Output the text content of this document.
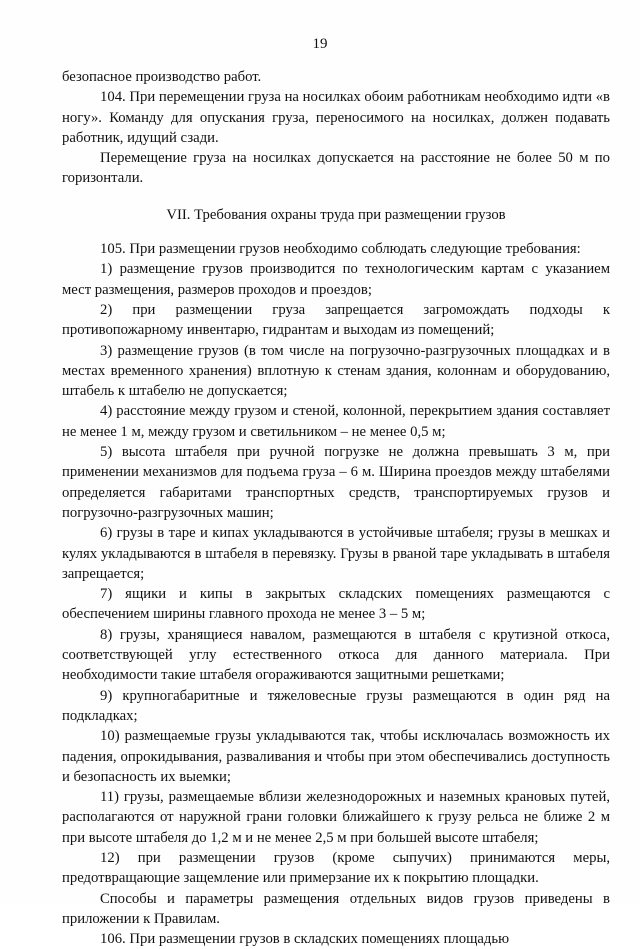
19

безопасное производство работ.

104. При перемещении груза на носилках обоим работникам необходимо идти «в ногу». Команду для опускания груза, переносимого на носилках, должен подавать работник, идущий сзади.

Перемещение груза на носилках допускается на расстояние не более 50 м по горизонтали.

VII. Требования охраны труда при размещении грузов

105. При размещении грузов необходимо соблюдать следующие требования:

1) размещение грузов производится по технологическим картам с указанием мест размещения, размеров проходов и проездов;

2) при размещении груза запрещается загромождать подходы к противопожарному инвентарю, гидрантам и выходам из помещений;

3) размещение грузов (в том числе на погрузочно-разгрузочных площадках и в местах временного хранения) вплотную к стенам здания, колоннам и оборудованию, штабель к штабелю не допускается;

4) расстояние между грузом и стеной, колонной, перекрытием здания составляет не менее 1 м, между грузом и светильником – не менее 0,5 м;

5) высота штабеля при ручной погрузке не должна превышать 3 м, при применении механизмов для подъема груза – 6 м. Ширина проездов между штабелями определяется габаритами транспортных средств, транспортируемых грузов и погрузочно-разгрузочных машин;

6) грузы в таре и кипах укладываются в устойчивые штабеля; грузы в мешках и кулях укладываются в штабеля в перевязку. Грузы в рваной таре укладывать в штабеля запрещается;

7) ящики и кипы в закрытых складских помещениях размещаются с обеспечением ширины главного прохода не менее 3 – 5 м;

8) грузы, хранящиеся навалом, размещаются в штабеля с крутизной откоса, соответствующей углу естественного откоса для данного материала. При необходимости такие штабеля огораживаются защитными решетками;

9) крупногабаритные и тяжеловесные грузы размещаются в один ряд на подкладках;

10) размещаемые грузы укладываются так, чтобы исключалась возможность их падения, опрокидывания, разваливания и чтобы при этом обеспечивались доступность и безопасность их выемки;

11) грузы, размещаемые вблизи железнодорожных и наземных крановых путей, располагаются от наружной грани головки ближайшего к грузу рельса не ближе 2 м при высоте штабеля до 1,2 м и не менее 2,5 м при большей высоте штабеля;

12) при размещении грузов (кроме сыпучих) принимаются меры, предотвращающие защемление или примерзание их к покрытию площадки.

Способы и параметры размещения отдельных видов грузов приведены в приложении к Правилам.

106. При размещении грузов в складских помещениях площадью
